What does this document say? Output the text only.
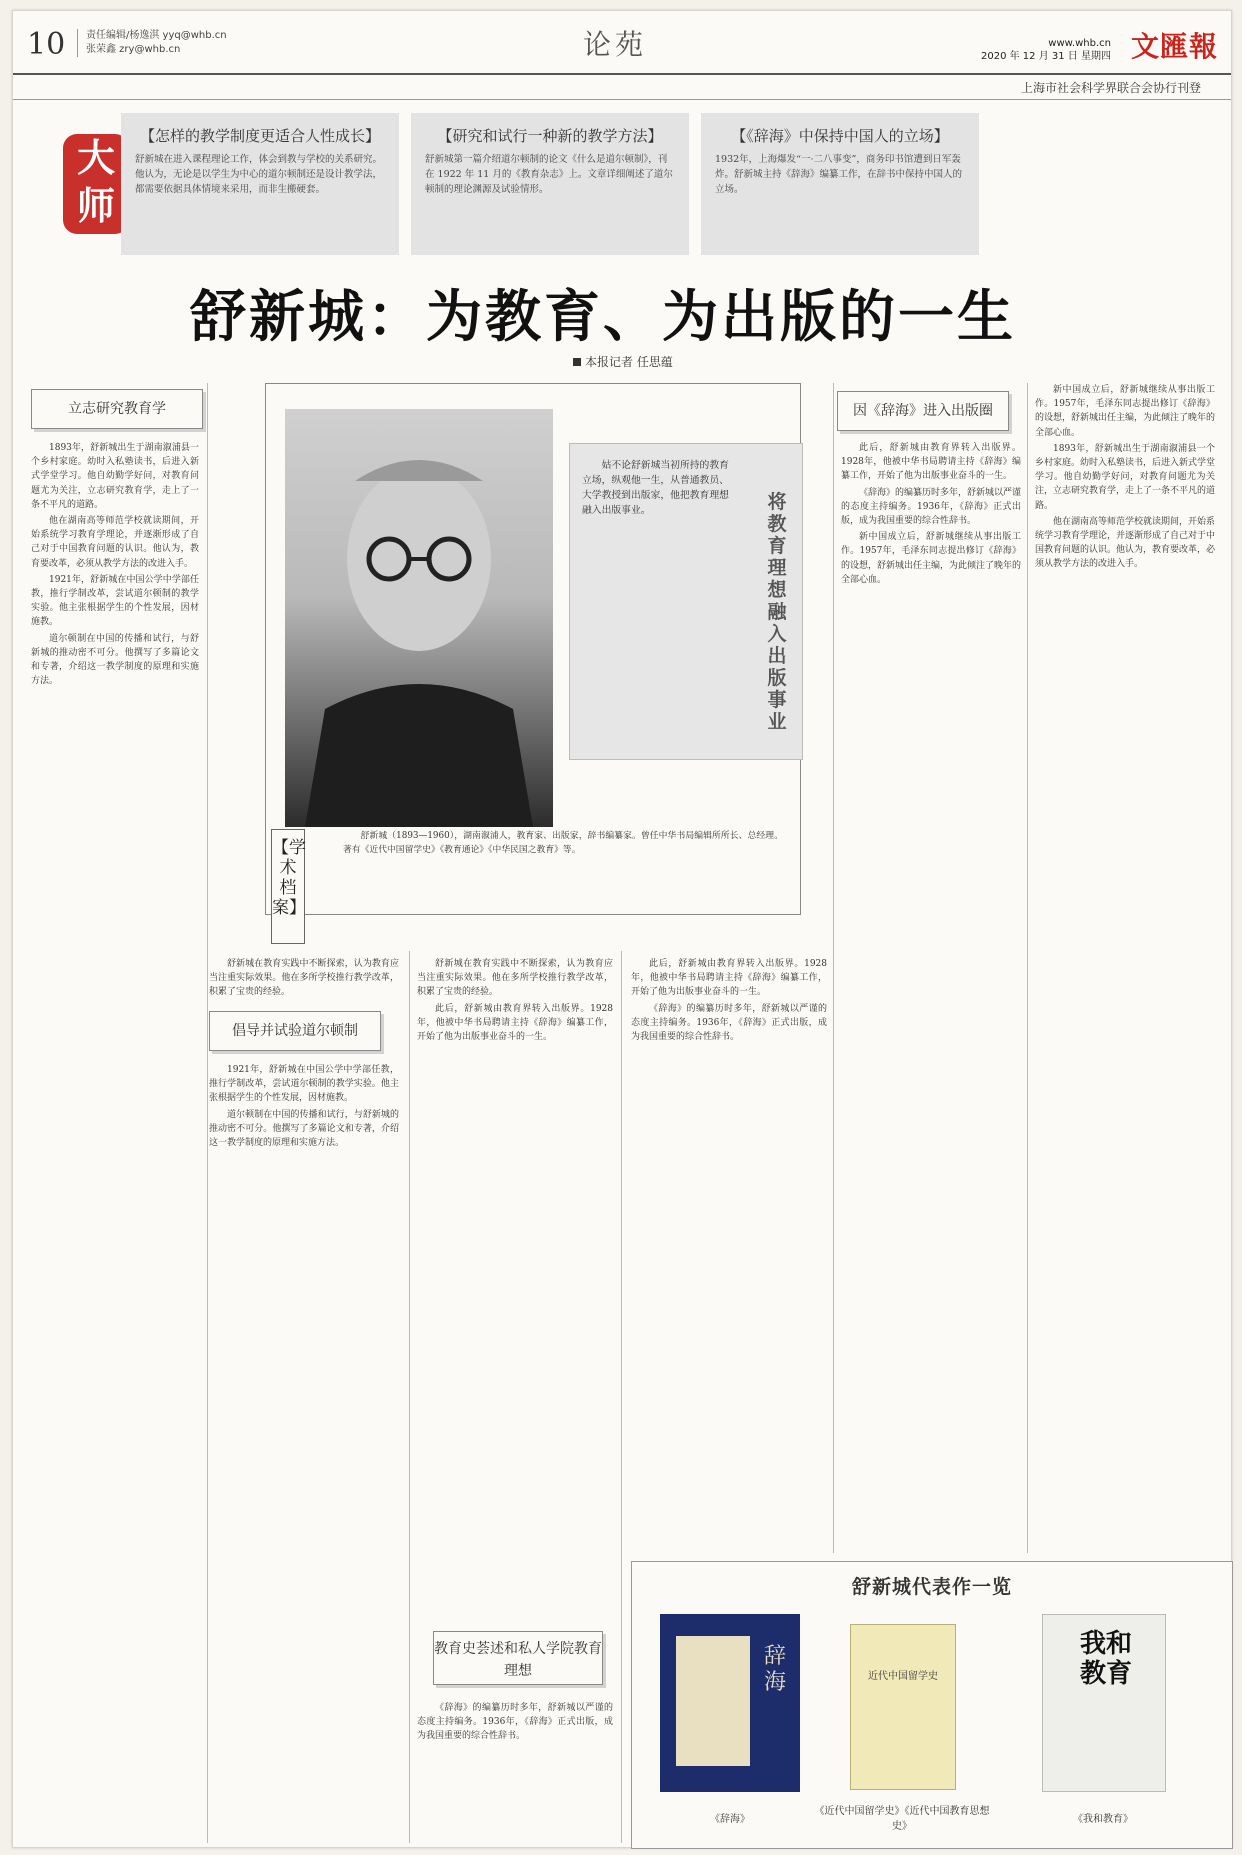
10 责任编辑/杨逸淇 yyq@whb.cn
张荣鑫 zry@whb.cn	论苑	www.whb.cn
2020 年 12 月 31 日 星期四 文匯報
上海市社会科学界联合会协行刊登
大
师
【怎样的教学制度更适合人性成长】

舒新城在进入课程理论工作，体会到教与学校的关系研究。他认为，无论是以学生为中心的道尔顿制还是设计教学法，都需要依据具体情境来采用，而非生搬硬套。

【研究和试行一种新的教学方法】

舒新城第一篇介绍道尔顿制的论文《什么是道尔顿制》，刊在 1922 年 11 月的《教育杂志》上。文章详细阐述了道尔顿制的理论渊源及试验情形。

【《辞海》中保持中国人的立场】

1932年，上海爆发“一·二八事变”，商务印书馆遭到日军轰炸。舒新城主持《辞海》编纂工作，在辞书中保持中国人的立场。

舒新城：为教育、为出版的一生
本报记者 任思蕴
立志研究教育学
倡导并试验道尔顿制
因《辞海》进入出版圈
教育史荟述和私人学院教育理想

1893年，舒新城出生于湖南溆浦县一个乡村家庭。幼时入私塾读书，后进入新式学堂学习。他自幼勤学好问，对教育问题尤为关注，立志研究教育学，走上了一条不平凡的道路。

他在湖南高等师范学校就读期间，开始系统学习教育学理论，并逐渐形成了自己对于中国教育问题的认识。他认为，教育要改革，必须从教学方法的改进入手。

1921年，舒新城在中国公学中学部任教，推行学制改革，尝试道尔顿制的教学实验。他主张根据学生的个性发展，因材施教。

道尔顿制在中国的传播和试行，与舒新城的推动密不可分。他撰写了多篇论文和专著，介绍这一教学制度的原理和实施方法。

舒新城在教育实践中不断探索，认为教育应当注重实际效果。他在多所学校推行教学改革，积累了宝贵的经验。

1921年，舒新城在中国公学中学部任教，推行学制改革，尝试道尔顿制的教学实验。他主张根据学生的个性发展，因材施教。

道尔顿制在中国的传播和试行，与舒新城的推动密不可分。他撰写了多篇论文和专著，介绍这一教学制度的原理和实施方法。

舒新城在教育实践中不断探索，认为教育应当注重实际效果。他在多所学校推行教学改革，积累了宝贵的经验。

此后，舒新城由教育界转入出版界。1928年，他被中华书局聘请主持《辞海》编纂工作，开始了他为出版事业奋斗的一生。

《辞海》的编纂历时多年，舒新城以严谨的态度主持编务。1936年，《辞海》正式出版，成为我国重要的综合性辞书。

此后，舒新城由教育界转入出版界。1928年，他被中华书局聘请主持《辞海》编纂工作，开始了他为出版事业奋斗的一生。

《辞海》的编纂历时多年，舒新城以严谨的态度主持编务。1936年，《辞海》正式出版，成为我国重要的综合性辞书。

此后，舒新城由教育界转入出版界。1928年，他被中华书局聘请主持《辞海》编纂工作，开始了他为出版事业奋斗的一生。

《辞海》的编纂历时多年，舒新城以严谨的态度主持编务。1936年，《辞海》正式出版，成为我国重要的综合性辞书。

新中国成立后，舒新城继续从事出版工作。1957年，毛泽东同志提出修订《辞海》的设想，舒新城出任主编，为此倾注了晚年的全部心血。

新中国成立后，舒新城继续从事出版工作。1957年，毛泽东同志提出修订《辞海》的设想，舒新城出任主编，为此倾注了晚年的全部心血。

1893年，舒新城出生于湖南溆浦县一个乡村家庭。幼时入私塾读书，后进入新式学堂学习。他自幼勤学好问，对教育问题尤为关注，立志研究教育学，走上了一条不平凡的道路。

他在湖南高等师范学校就读期间，开始系统学习教育学理论，并逐渐形成了自己对于中国教育问题的认识。他认为，教育要改革，必须从教学方法的改进入手。

姑不论舒新城当初所持的教育立场，纵观他一生，从普通教员、大学教授到出版家，他把教育理想融入出版事业。	将教育理想融入出版事业
【学术档案】
舒新城（1893—1960），湖南溆浦人，教育家、出版家，辞书编纂家。曾任中华书局编辑所所长、总经理。著有《近代中国留学史》《教育通论》《中华民国之教育》等。
舒新城代表作一览
辞海
《辞海》
近代中国留学史
《近代中国留学史》《近代中国教育思想史》
我和教育
《我和教育》
